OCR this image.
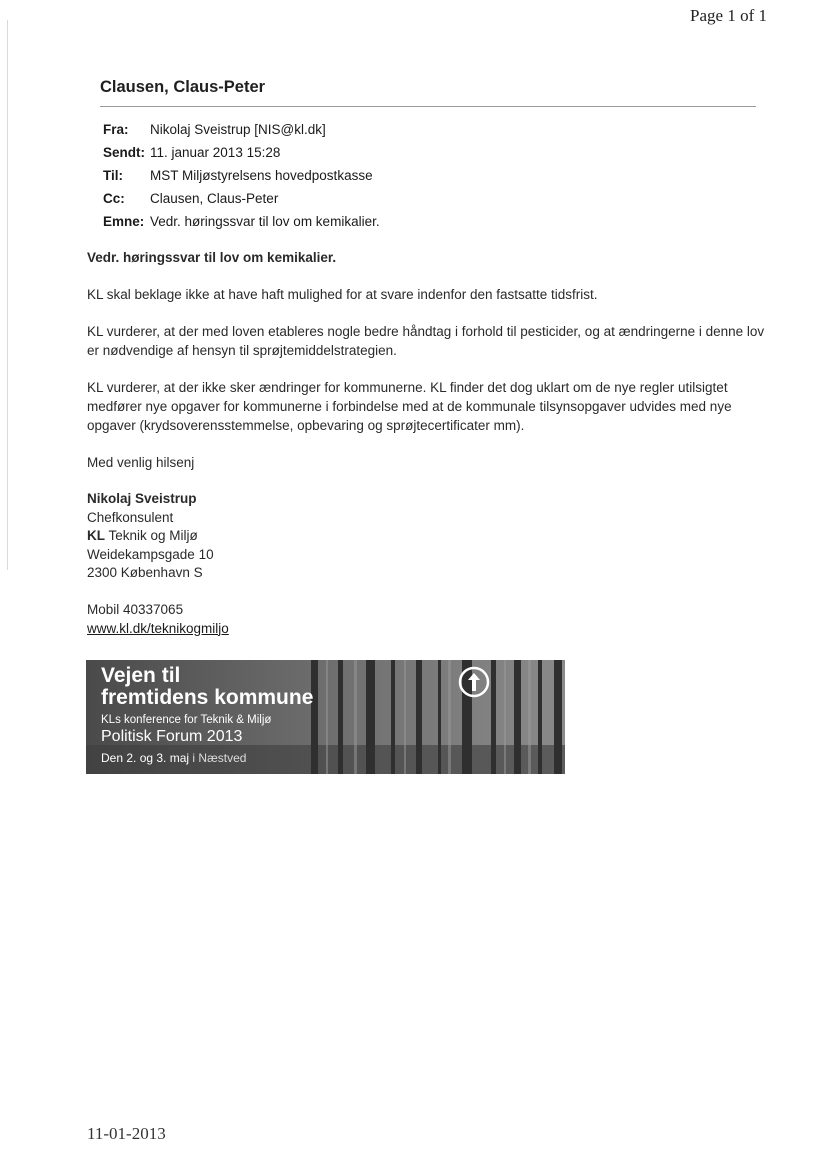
Page 1 of 1
Clausen, Claus-Peter
Fra:	Nikolaj Sveistrup [NIS@kl.dk]
Sendt: 11. januar 2013 15:28
Til:	MST Miljøstyrelsens hovedpostkasse
Cc:	Clausen, Claus-Peter
Emne: Vedr. høringssvar til lov om kemikalier.

Vedr. høringssvar til lov om kemikalier.

KL skal beklage ikke at have haft mulighed for at svare indenfor den fastsatte tidsfrist.

KL vurderer, at der med loven etableres nogle bedre håndtag i forhold til pesticider, og at ændringerne i denne lov er nødvendige af hensyn til sprøjtemiddelstrategien.

KL vurderer, at der ikke sker ændringer for kommunerne. KL finder det dog uklart om de nye regler utilsigtet medfører nye opgaver for kommunerne i forbindelse med at de kommunale tilsynsopgaver udvides med nye opgaver (krydsoverensstemmelse, opbevaring og sprøjtecertificater mm).

Med venlig hilsenj

Nikolaj Sveistrup
Chefkonsulent
KL Teknik og Miljø
Weidekampsgade 10
2300 København S
Mobil 40337065
www.kl.dk/teknikogmiljo
Vejen til
fremtidens kommune
KLs konference for Teknik & Miljø
Politisk Forum 2013
Den 2. og 3. maj i Næstved
11-01-2013
